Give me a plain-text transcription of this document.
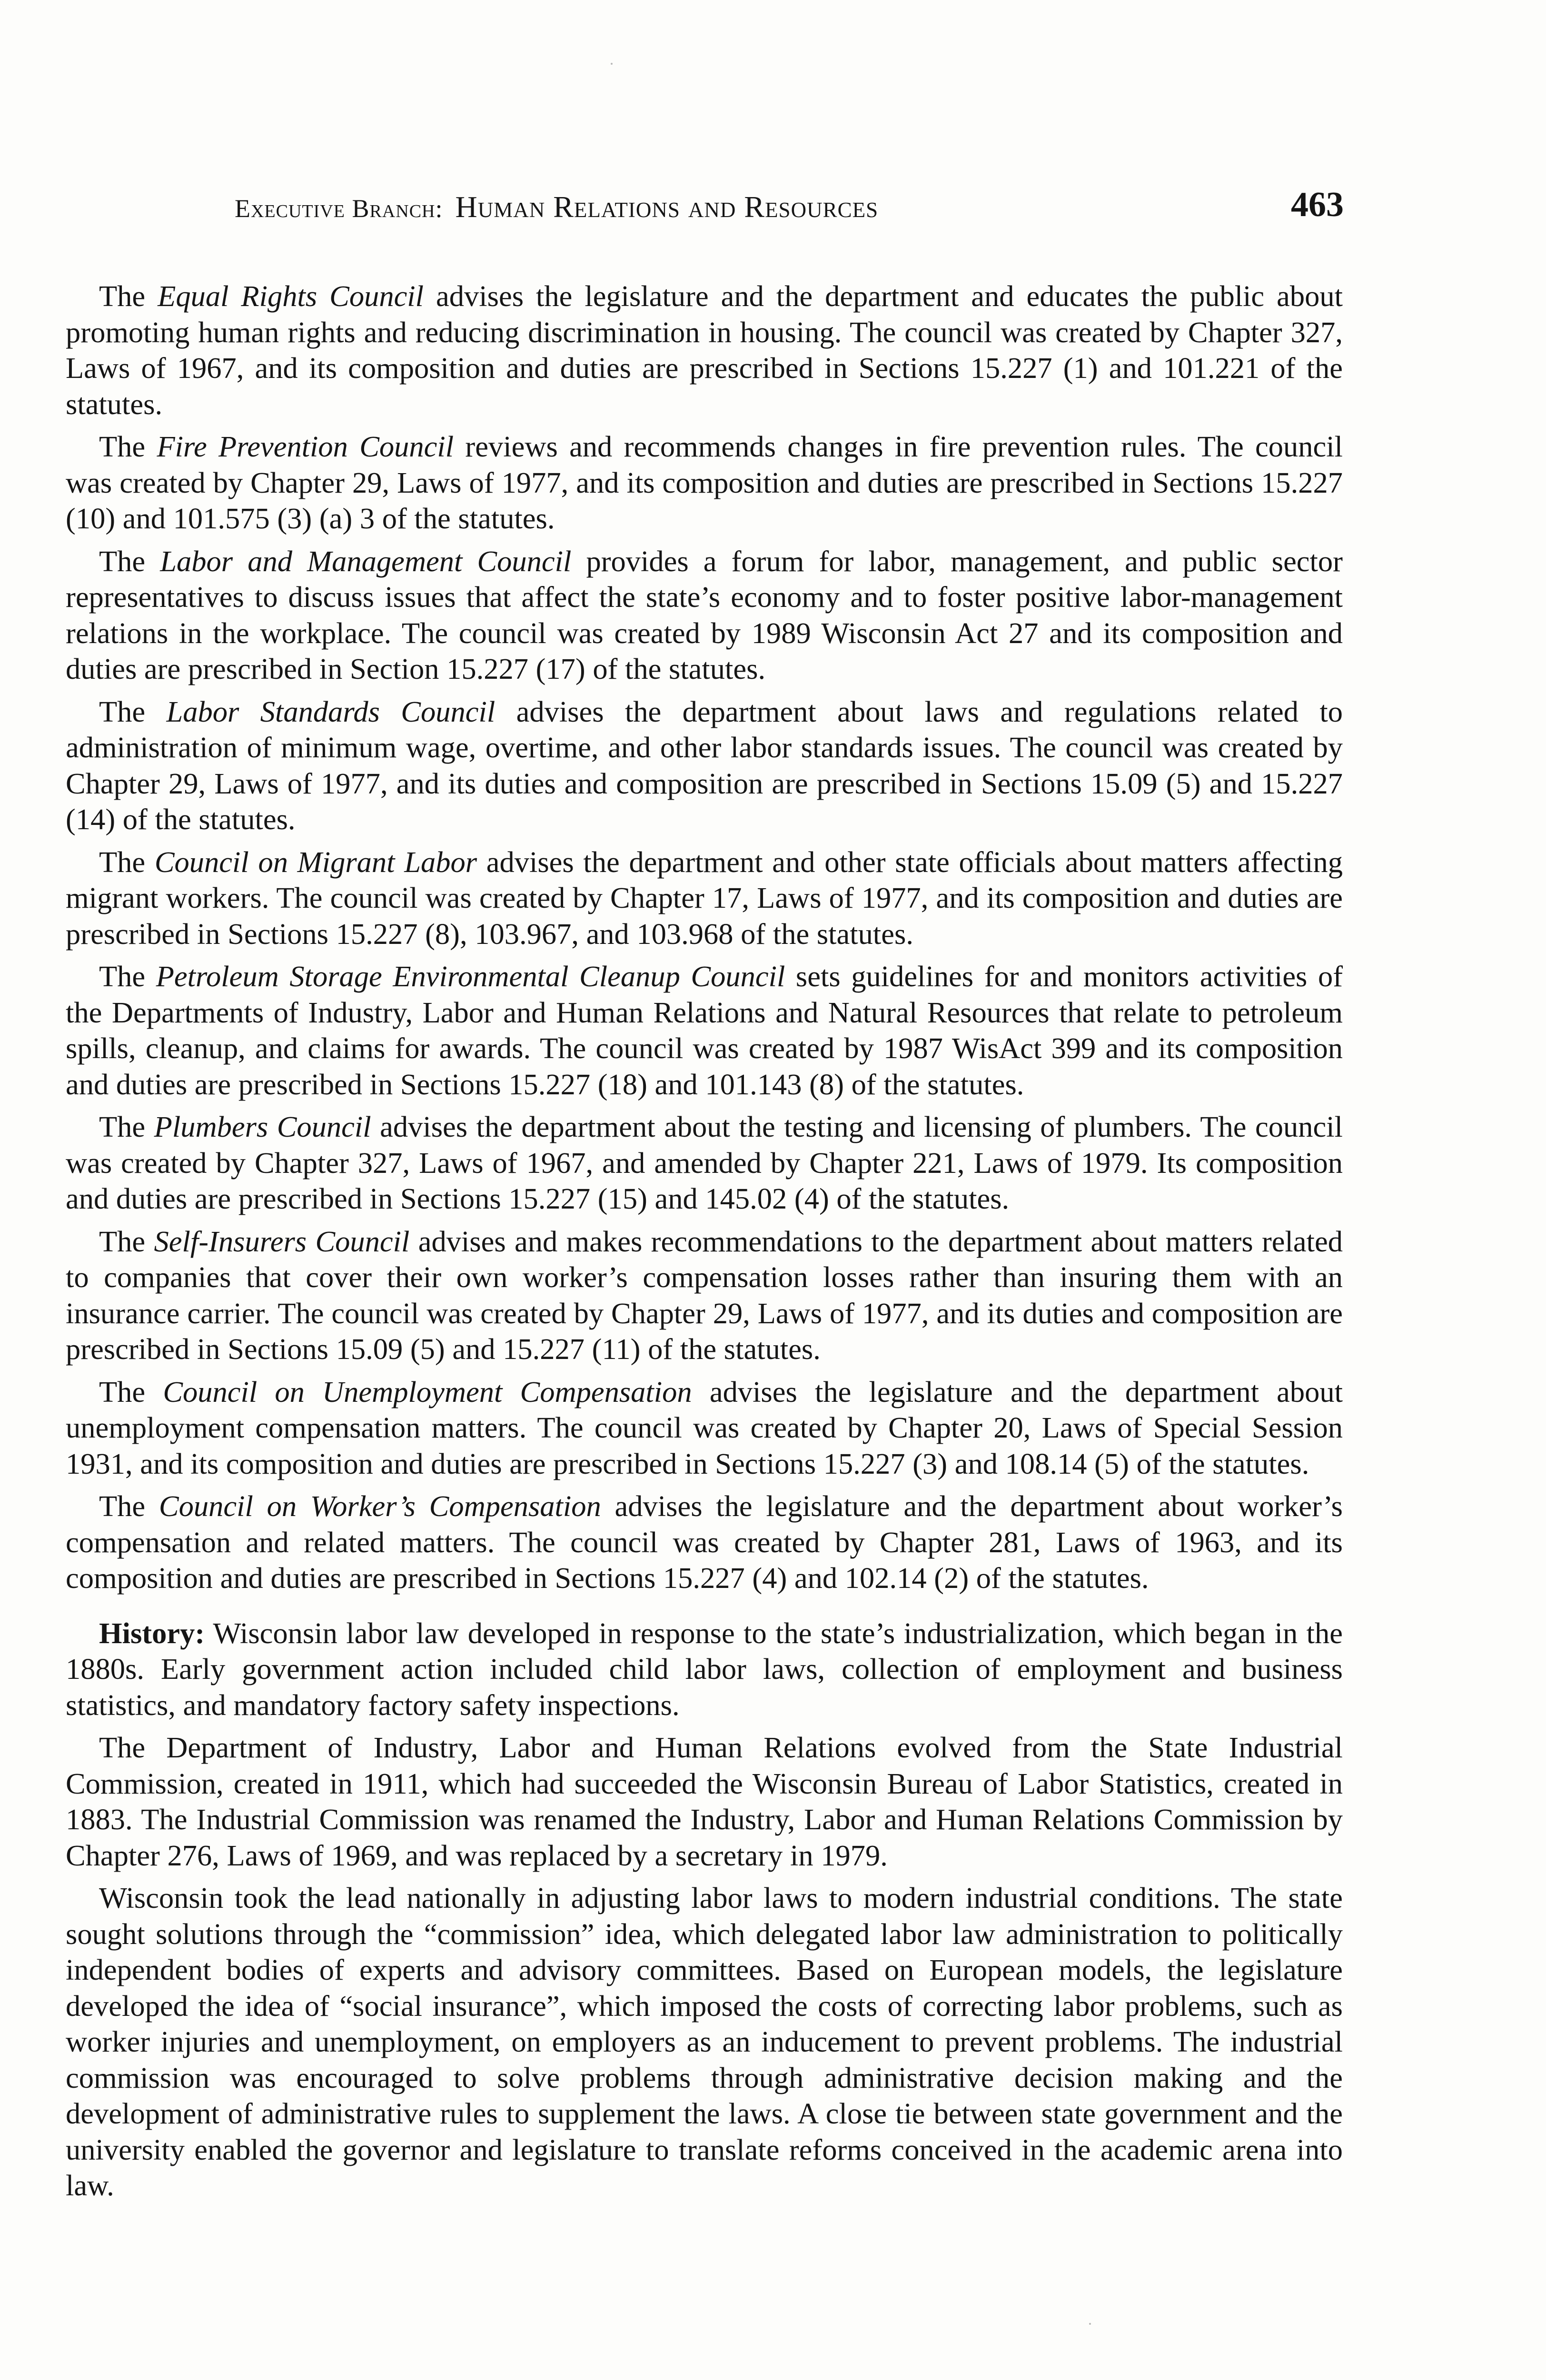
Executive Branch: Human Relations and Resources	463

The Equal Rights Council advises the legislature and the department and educates the public about promoting human rights and reducing discrimination in housing. The council was created by Chapter 327, Laws of 1967, and its composition and duties are prescribed in Sections 15.227 (1) and 101.221 of the statutes.

The Fire Prevention Council reviews and recommends changes in fire prevention rules. The council was created by Chapter 29, Laws of 1977, and its composition and duties are prescribed in Sections 15.227 (10) and 101.575 (3) (a) 3 of the statutes.

The Labor and Management Council provides a forum for labor, management, and public sector representatives to discuss issues that affect the state’s economy and to foster positive labor-management relations in the workplace. The council was created by 1989 Wisconsin Act 27 and its composition and duties are prescribed in Section 15.227 (17) of the statutes.

The Labor Standards Council advises the department about laws and regulations related to administration of minimum wage, overtime, and other labor standards issues. The council was created by Chapter 29, Laws of 1977, and its duties and composition are prescribed in Sections 15.09 (5) and 15.227 (14) of the statutes.

The Council on Migrant Labor advises the department and other state officials about matters affecting migrant workers. The council was created by Chapter 17, Laws of 1977, and its composition and duties are prescribed in Sections 15.227 (8), 103.967, and 103.968 of the statutes.

The Petroleum Storage Environmental Cleanup Council sets guidelines for and monitors activities of the Departments of Industry, Labor and Human Relations and Natural Resources that relate to petroleum spills, cleanup, and claims for awards. The council was created by 1987 WisAct 399 and its composition and duties are prescribed in Sections 15.227 (18) and 101.143 (8) of the statutes.

The Plumbers Council advises the department about the testing and licensing of plumbers. The council was created by Chapter 327, Laws of 1967, and amended by Chapter 221, Laws of 1979. Its composition and duties are prescribed in Sections 15.227 (15) and 145.02 (4) of the statutes.

The Self-Insurers Council advises and makes recommendations to the department about matters related to companies that cover their own worker’s compensation losses rather than insuring them with an insurance carrier. The council was created by Chapter 29, Laws of 1977, and its duties and composition are prescribed in Sections 15.09 (5) and 15.227 (11) of the statutes.

The Council on Unemployment Compensation advises the legislature and the department about unemployment compensation matters. The council was created by Chapter 20, Laws of Special Session 1931, and its composition and duties are prescribed in Sections 15.227 (3) and 108.14 (5) of the statutes.

The Council on Worker’s Compensation advises the legislature and the department about worker’s compensation and related matters. The council was created by Chapter 281, Laws of 1963, and its composition and duties are prescribed in Sections 15.227 (4) and 102.14 (2) of the statutes.

History: Wisconsin labor law developed in response to the state’s industrialization, which began in the 1880s. Early government action included child labor laws, collection of employment and business statistics, and mandatory factory safety inspections.

The Department of Industry, Labor and Human Relations evolved from the State Industrial Commission, created in 1911, which had succeeded the Wisconsin Bureau of Labor Statistics, created in 1883. The Industrial Commission was renamed the Industry, Labor and Human Relations Commission by Chapter 276, Laws of 1969, and was replaced by a secretary in 1979.

Wisconsin took the lead nationally in adjusting labor laws to modern industrial conditions. The state sought solutions through the “commission” idea, which delegated labor law administration to politically independent bodies of experts and advisory committees. Based on European models, the legislature developed the idea of “social insurance”, which imposed the costs of correcting labor problems, such as worker injuries and unemployment, on employers as an inducement to prevent problems. The industrial commission was encouraged to solve problems through administrative decision making and the development of administrative rules to supplement the laws. A close tie between state government and the university enabled the governor and legislature to translate reforms conceived in the academic arena into law.
